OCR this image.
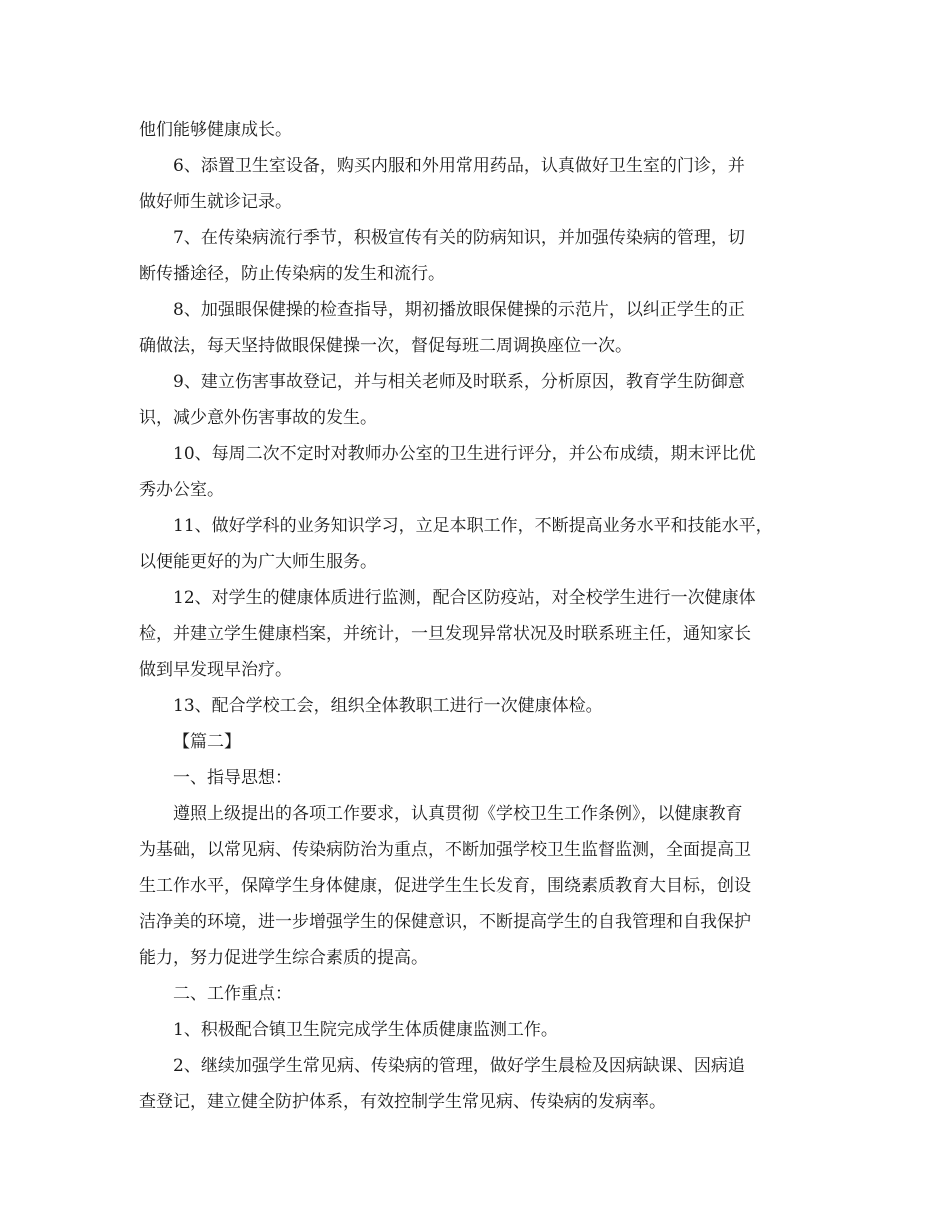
他们能够健康成长。
6、添置卫生室设备，购买内服和外用常用药品，认真做好卫生室的门诊，并
做好师生就诊记录。
7、在传染病流行季节，积极宣传有关的防病知识，并加强传染病的管理，切
断传播途径，防止传染病的发生和流行。
8、加强眼保健操的检查指导，期初播放眼保健操的示范片，以纠正学生的正
确做法，每天坚持做眼保健操一次，督促每班二周调换座位一次。
9、建立伤害事故登记，并与相关老师及时联系，分析原因，教育学生防御意
识，减少意外伤害事故的发生。
10、每周二次不定时对教师办公室的卫生进行评分，并公布成绩，期末评比优
秀办公室。
11、做好学科的业务知识学习，立足本职工作，不断提高业务水平和技能水平，
以便能更好的为广大师生服务。
12、对学生的健康体质进行监测，配合区防疫站，对全校学生进行一次健康体
检，并建立学生健康档案，并统计，一旦发现异常状况及时联系班主任，通知家长
做到早发现早治疗。
13、配合学校工会，组织全体教职工进行一次健康体检。
【篇二】
一、指导思想：
遵照上级提出的各项工作要求，认真贯彻《学校卫生工作条例》，以健康教育
为基础，以常见病、传染病防治为重点，不断加强学校卫生监督监测，全面提高卫
生工作水平，保障学生身体健康，促进学生生长发育，围绕素质教育大目标，创设
洁净美的环境，进一步增强学生的保健意识，不断提高学生的自我管理和自我保护
能力，努力促进学生综合素质的提高。
二、工作重点：
1、积极配合镇卫生院完成学生体质健康监测工作。
2、继续加强学生常见病、传染病的管理，做好学生晨检及因病缺课、因病追
查登记，建立健全防护体系，有效控制学生常见病、传染病的发病率。
